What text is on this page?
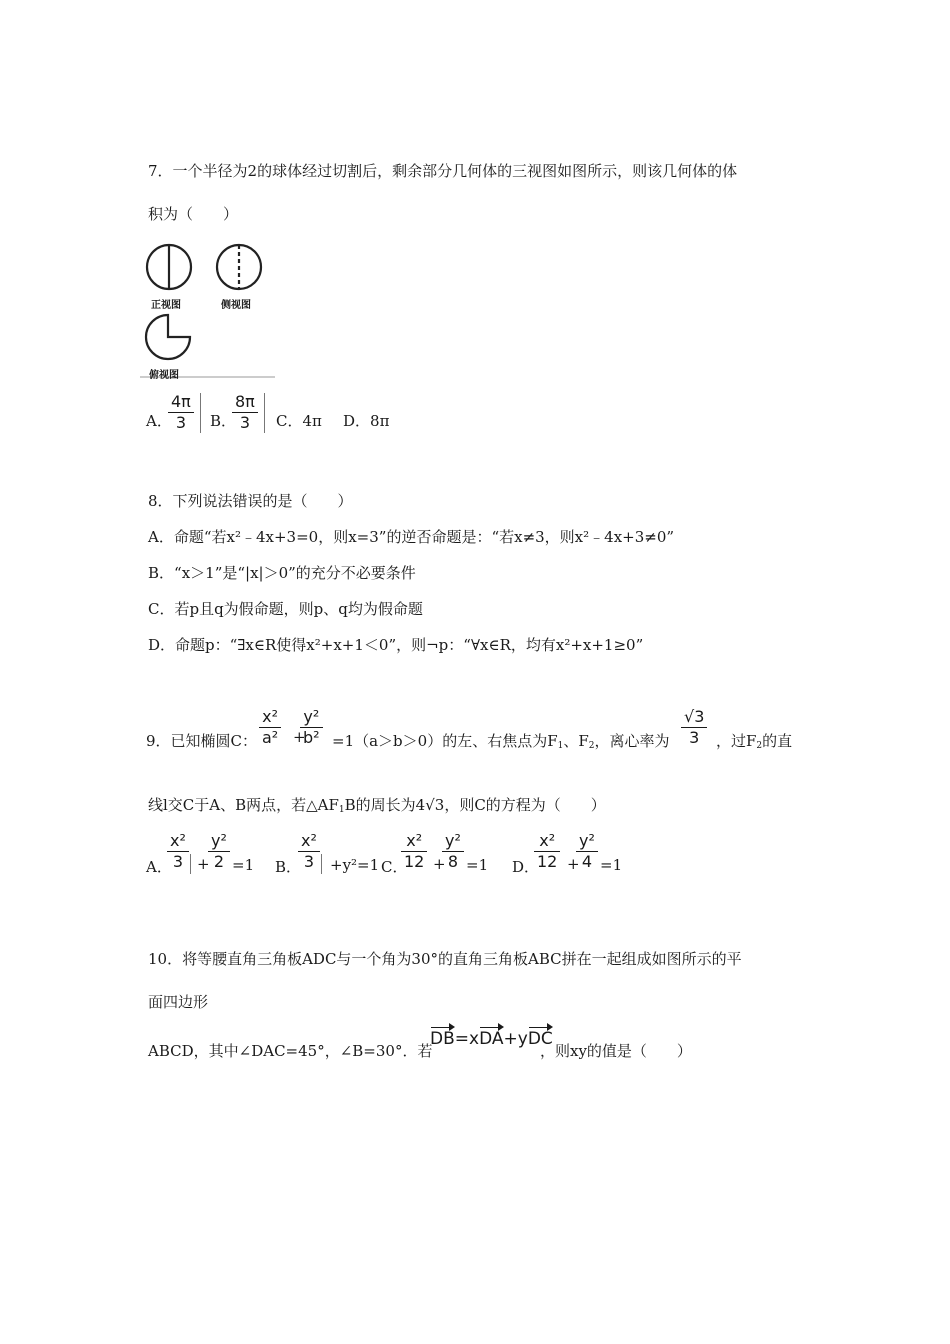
7．一个半径为2的球体经过切割后，剩余部分几何体的三视图如图所示，则该几何体的体
积为（　　）
正视图	侧视图
俯视图
A．
4π
3 B．
8π
3 C．4π D．8π
8．下列说法错误的是（　　）
A．命题“若x²﹣4x+3=0，则x=3”的逆否命题是：“若x≠3，则x²﹣4x+3≠0”
B．“x＞1”是“|x|＞0”的充分不必要条件
C．若p且q为假命题，则p、q均为假命题
D．命题p：“∃x∈R使得x²+x+1＜0”，则¬p：“∀x∈R，均有x²+x+1≥0”
9．已知椭圆C：
x²
a² +
y²
b² =1（a＞b＞0）的左、右焦点为$F_1$、$F_2$，离心率为
√3
3 ，过$F_2$的直
线l交C于A、B两点，若$\triangle AF_1B$的周长为4√3，则C的方程为（　　）
A．
x²
3 +
y²
2 =1 B．
x²
3 +y²=1 C．
x²
12 +
y²
8 =1 D．
x²
12 +
y²
4 =1
10．将等腰直角三角板ADC与一个角为30°的直角三角板ABC拼在一起组成如图所示的平
面四边形
ABCD，其中∠DAC=45°，∠B=30°．若
DB=xDA+yDC
，则xy的值是（　　）
